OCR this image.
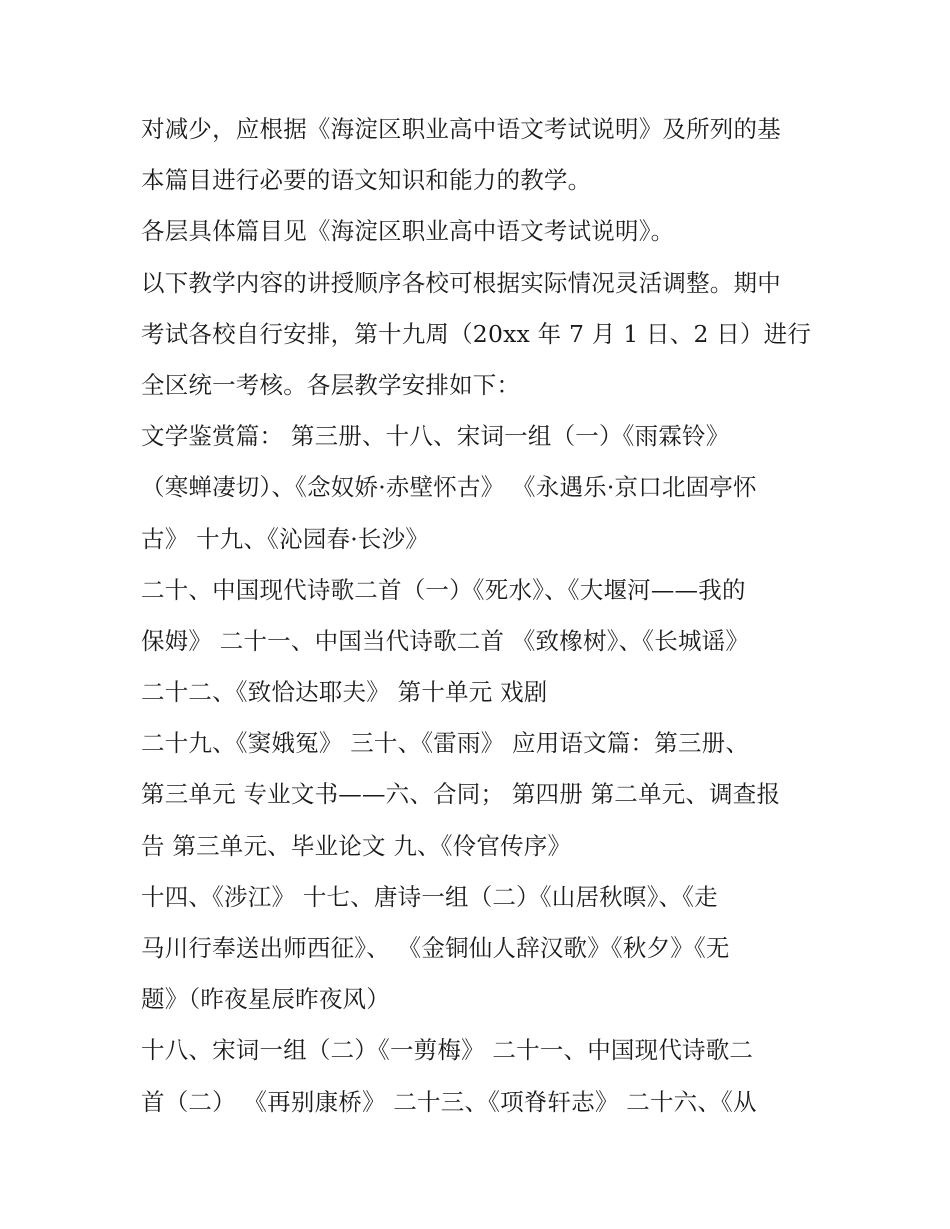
对减少，应根据《海淀区职业高中语文考试说明》及所列的基
本篇目进行必要的语文知识和能力的教学。
各层具体篇目见《海淀区职业高中语文考试说明》。
以下教学内容的讲授顺序各校可根据实际情况灵活调整。期中
考试各校自行安排，第十九周（20xx 年 7 月 1 日、2 日）进行
全区统一考核。各层教学安排如下：
文学鉴赏篇： 第三册、十八、宋词一组（一）《雨霖铃》
（寒蝉凄切）、《念奴娇·赤壁怀古》 《永遇乐·京口北固亭怀
古》 十九、《沁园春·长沙》
二十、中国现代诗歌二首（一）《死水》、《大堰河——我的
保姆》 二十一、中国当代诗歌二首 《致橡树》、《长城谣》
二十二、《致恰达耶夫》 第十单元 戏剧
二十九、《窦娥冤》 三十、《雷雨》 应用语文篇：第三册、
第三单元 专业文书——六、合同； 第四册 第二单元、调查报
告 第三单元、毕业论文 九、《伶官传序》
十四、《涉江》 十七、唐诗一组（二）《山居秋暝》、《走
马川行奉送出师西征》、 《金铜仙人辞汉歌》《秋夕》《无
题》（昨夜星辰昨夜风）
十八、宋词一组（二）《一剪梅》 二十一、中国现代诗歌二
首（二） 《再别康桥》 二十三、《项脊轩志》 二十六、《从
